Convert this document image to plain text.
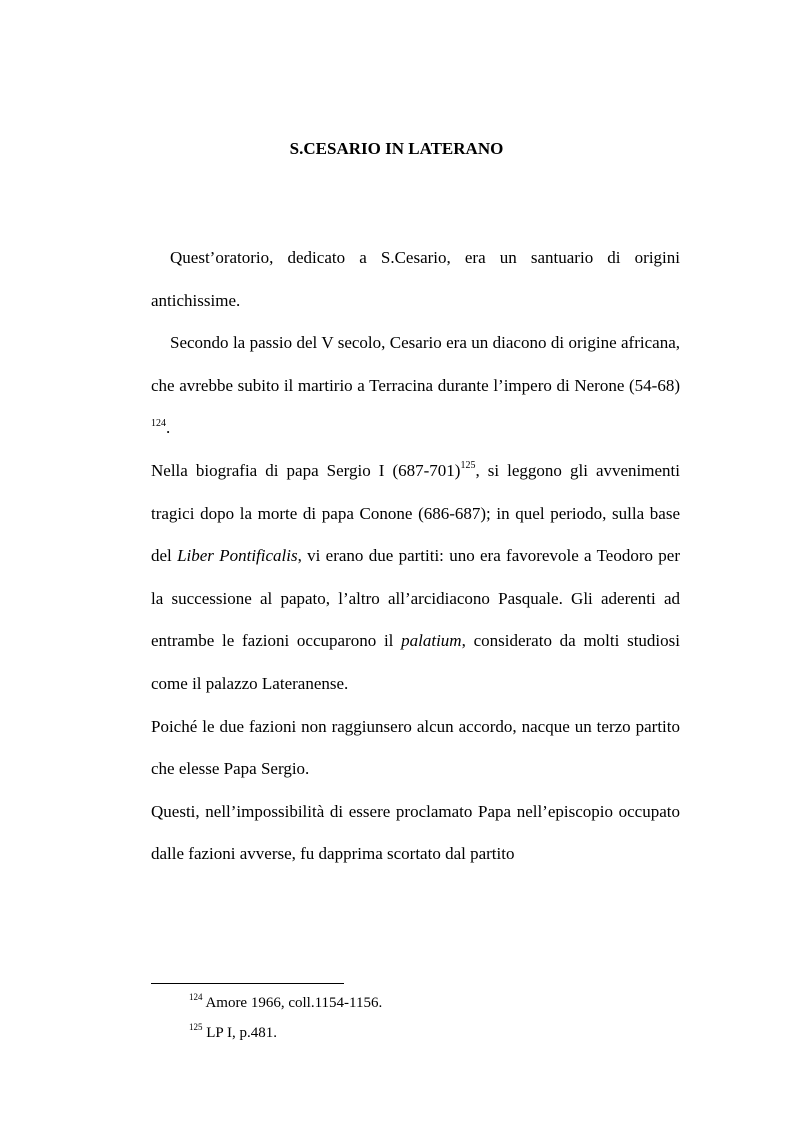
S.CESARIO IN LATERANO

Quest’oratorio, dedicato a S.Cesario, era un santuario di origini antichissime.

Secondo la passio del V secolo, Cesario era un diacono di origine africana, che avrebbe subito il martirio a Terracina durante l’impero di Nerone (54-68) $^{124}$.

Nella biografia di papa Sergio I $(687-701)^{125}$, si leggono gli avvenimenti tragici dopo la morte di papa Conone (686-687); in quel periodo, sulla base del Liber Pontificalis, vi erano due partiti: uno era favorevole a Teodoro per la successione al papato, l’altro all’arcidiacono Pasquale. Gli aderenti ad entrambe le fazioni occuparono il palatium, considerato da molti studiosi come il palazzo Lateranense.

Poiché le due fazioni non raggiunsero alcun accordo, nacque un terzo partito che elesse Papa Sergio.

Questi, nell’impossibilità di essere proclamato Papa nell’episcopio occupato dalle fazioni avverse, fu dapprima scortato dal partito

$^{124}$ Amore 1966, coll.1154-1156.

$^{125}$ LP I, p.481.
